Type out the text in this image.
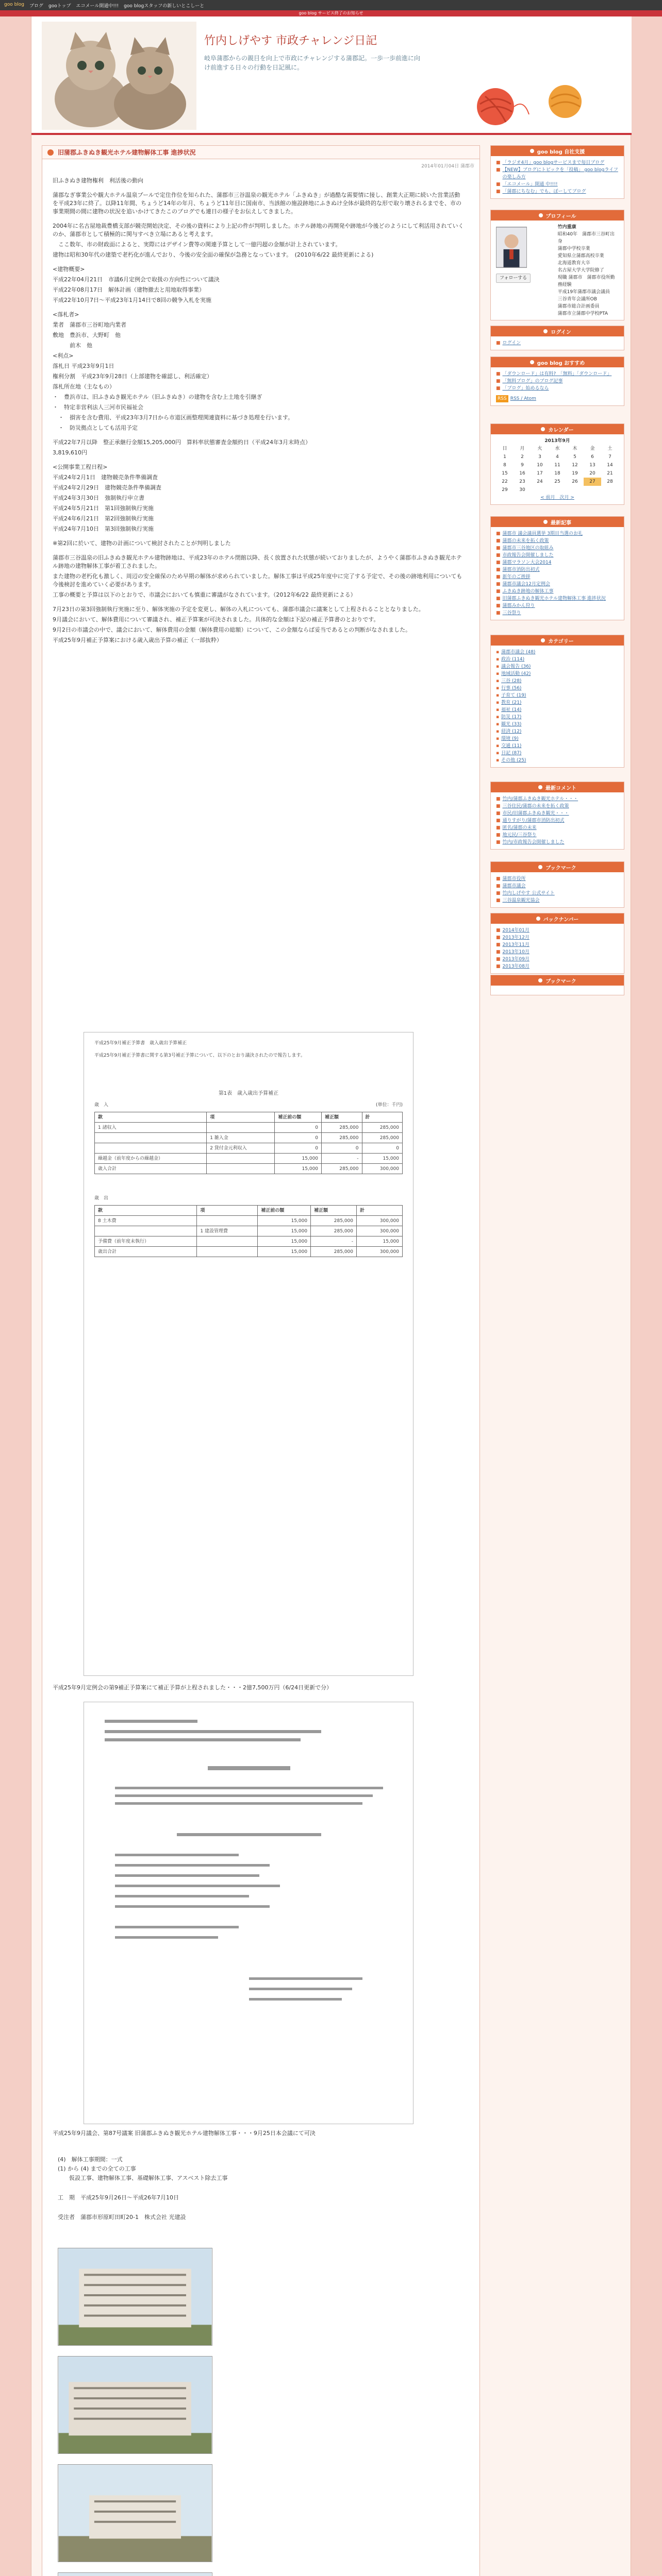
goo blog ブログ gooトップ エコメール開通中!!! goo blogスタッフの新しいとこしーと
goo blog サービス終了のお知らせ
竹内しげやす 市政チャレンジ日記
岐阜蒲郡からの親目を向上で市政にチャレンジする蒲郡記。一歩一歩前進に向け前進する日々の行動を日記風に。
旧蒲郡ふきぬき観光ホテル建物解体工事 進捗状況
2014年01月04日 蒲郡市

旧ふきぬき建物権利　利活後の動向

蒲郡なぎ事業公や観大ホテル温泉プールで定住作位を知られた、蒲郡市三谷温泉の観光ホテル「ふきぬき」が過酷な需要情に接し、創業大正期に続いた営業活動を平成23年に終了。以降11年間、ちょうど14年の年月、ちょうど11年目に国南市、当該館の施設跡地にふきぬけ全体が最終的な形で取り壊されるまでを、市の事業期間の間に建物の状況を追いかけてきたこのブログでも連日の様子をお伝えしてきました。

2004年に名古屋地裁豊橋支部が競売開始決定、その後の資料により上記の件が判明しました。ホテル跡地の再開発や跡地が今後どのようにして利活用されていくのか、蒲郡市として積極的に関与すべき立場にあると考えます。

　ここ数年、市の財政面によると、実際にはデザイン費等の関連予算として一億円超の金額が計上されています。

建物は昭和30年代の建築で老朽化が進んでおり、今後の安全面の確保が急務となっています。　(2010年6/22 最終更新による)

<建物概要>

平成22年04月21日　市議6月定例会で取扱の方向性について議決

平成22年08月17日　解体計画（建物撤去と用地取得事業）

平成22年10月7日〜平成23年1月14日で8回の競争入札を実施

<落札者>

業者　蒲郡市三谷町地内業者

敷地　豊浜市、大野町　他

　　　前木　他

<利点>

落札日 平成23年9月1日

権利分割　平成23年9月28日（上部建物を確認し、利活確定）

落札所在地（主なもの）

・　豊浜市は、旧ふきぬき観光ホテル（旧ふきぬき）の建物を含む上土地を引継ぎ

・　特定非営利法人三河市民福祉会

　・　損害を含む費用、平成23年3月7日から市道区画整理関連資料に基づき処理を行います。

　・　防災拠点としても活用予定

平成22年7月以降　整正承継行金額15,205,000円　算料率状態審査金額約日（平成24年3月末時点）

3,819,610円

<公開事業工程日程>

平成24年2月1日　建物競売条件準備調査

平成24年2月29日　建物競売条件準備調査

平成24年3月30日　強制執行申立書

平成24年5月21日　第1回強制執行実施

平成24年6月21日　第2回強制執行実施

平成24年7月10日　第3回強制執行実施

※第2回に於いて、建物の計画について検討されたことが判明しました

蒲郡市三谷温泉の旧ふきぬき観光ホテル建物跡地は、平成23年のホテル閉館以降、長く放置された状態が続いておりましたが、ようやく蒲郡市ふきぬき観光ホテル跡地の建物解体工事が着工されました。

また建物の老朽化も激しく、周辺の安全確保のため早期の解体が求められていました。解体工事は平成25年度中に完了する予定で、その後の跡地利用についても今後検討を進めていく必要があります。

工事の概要と予算は以下のとおりで、市議会においても慎重に審議がなされています。（2012年6/22 最終更新による）

7月23日の第3回強制執行実施に至り、解体実施の予定を変更し、解体の入札についても、蒲郡市議会に議案として上程されることとなりました。

9月議会において、解体費用について審議され、補正予算案が可決されました。具体的な金額は下記の補正予算書のとおりです。

9月2日の市議会の中で、議会において、解体費用の金額（解体費用の総額）について、この金額ならば妥当であるとの判断がなされました。

平成25年9月補正予算案における歳入歳出予算の補正（一部抜粋）

平成25年9月補正予算書　歳入歳出予算補正
平成25年9月補正予算書に関する第3号補正予算について、以下のとおり議決されたので報告します。
第1表　歳入歳出予算補正
歳　入	(単位：千円)
款	項	補正前の額	補正額	計
1 諸収入		0	285,000	285,000
	1 雑入金	0	285,000	285,000
	2 貸付金元利収入	0	0	0
繰越金（前年度からの繰越金）		15,000	-	15,000
歳入合計		15,000	285,000	300,000
歳　出
款	項	補正前の額	補正額	計
8 土木費		15,000	285,000	300,000
	1 建設管理費	15,000	285,000	300,000
予備費（前年度未執行）		15,000	-	15,000
歳出合計		15,000	285,000	300,000
平成25年9月定例会の第9補正予算案にて補正予算が上程されました・・・2億7,500万円（6/24日更新で分）
平成25年9月議会、第87号議案 旧蒲郡ふきぬき観光ホテル建物解体工事・・・9月25日本会議にて可決
(4)　解体工事期間：一式
(1) から (4) までの全ての工事
　　仮設工事、建物解体工事、基礎解体工事、アスベスト除去工事
工　期　平成25年9月26日〜平成26年7月10日
受注者　蒲郡市形原町田町20-1　株式会社 光建設
goo blog 自社支援
■ 「ラジオ4月」goo blogサービスまで毎日ブログ
■ 【NEW】ブログにトピックを「投稿」 goo blogライフの楽しみ方
■ 「エコメール」開通 中!!!!
■ 「蒲郡にちなむ」でも、ぼーしてブログ
プロフィール
フォローする
竹内重康
昭和40年　蒲郡市三谷町出身
蒲郡中学校卒業
愛知県立蒲郡高校卒業
北海道教育大卒
名古屋大学大学院修了
現職 蒲郡市　蒲郡市役所勤務経験
平成19年蒲郡市議会議員
三谷青年会議所OB
蒲郡市総合計画委員
蒲郡市立蒲郡中学校PTA
ログイン
■ ログイン
goo blog おすすめ
■ 「ダウンロード」は有料?　「無料」「ダウンロード」
■ 「無料ブログ」のブログ記事
■ 「ブログ」始めるなら
RSS RSS / Atom
カレンダー
2013年9月
日	月	火	水	木	金	土
1	2	3	4	5	6	7
8	9	10	11	12	13	14
15	16	17	18	19	20	21
22	23	24	25	26	27	28
29	30					
< 前月　次月 >
最新記事
■ 蒲郡市 議会議員選挙 3期目当選のお礼
■ 蒲郡の未来を拓く政策
■ 蒲郡市三谷地区の取組み
■ 市政報告会開催しました
■ 蒲郡マラソン大会2014
■ 蒲郡市消防出初式
■ 新年のご挨拶
■ 蒲郡市議会12月定例会
■ ふきぬき跡地の解体工事
■ 旧蒲郡ふきぬき観光ホテル建物解体工事 進捗状況
■ 蒲郡みかん狩り
■ 三谷祭り
カテゴリー
▪ 蒲郡市議会 (48)
▪ 政治 (114)
▪ 議会報告 (36)
▪ 地域活動 (42)
▪ 三谷 (28)
▪ 行事 (56)
▪ 子育て (19)
▪ 教育 (21)
▪ 福祉 (14)
▪ 防災 (17)
▪ 観光 (33)
▪ 経済 (12)
▪ 環境 (9)
▪ 交通 (11)
▪ 日記 (87)
▪ その他 (25)
最新コメント
■ 竹内/蒲郡ふきぬき観光ホテル・・・
■ 三谷住民/蒲郡の未来を拓く政策
■ 市民/旧蒲郡ふきぬき観光・・・
■ 通りすがり/蒲郡市消防出初式
■ 匿名/蒲郡の未来
■ 地元民/三谷祭り
■ 竹内/市政報告会開催しました
ブックマーク
■ 蒲郡市役所
■ 蒲郡市議会
■ 竹内しげやす 公式サイト
■ 三谷温泉観光協会
バックナンバー
■ 2014年01月
■ 2013年12月
■ 2013年11月
■ 2013年10月
■ 2013年09月
■ 2013年08月
ブックマーク
